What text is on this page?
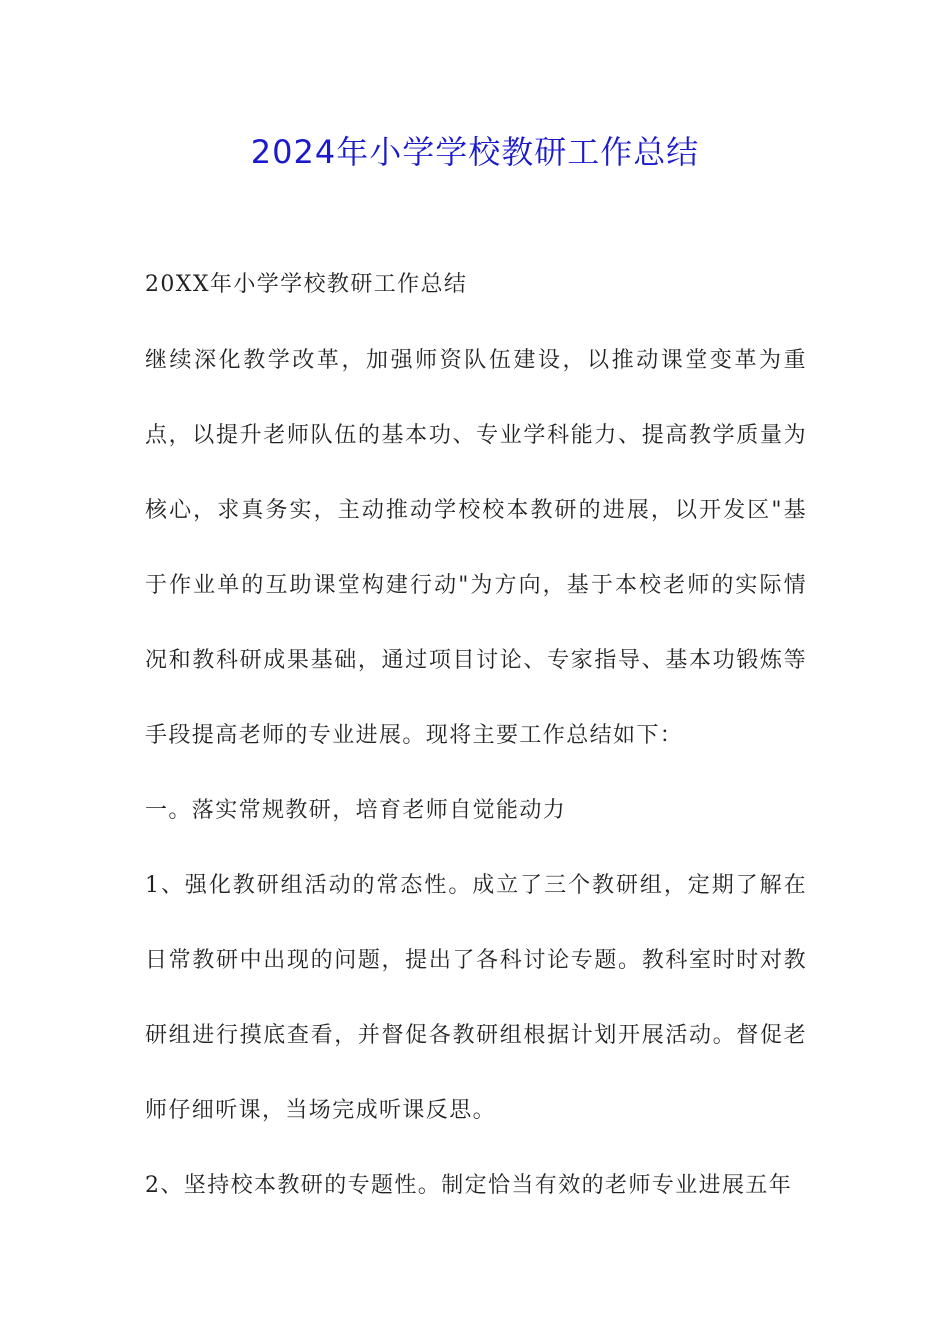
2024年小学学校教研工作总结

20XX年小学学校教研工作总结

继续深化教学改革，加强师资队伍建设，以推动课堂变革为重点，以提升老师队伍的基本功、专业学科能力、提高教学质量为核心，求真务实，主动推动学校校本教研的进展，以开发区"基于作业单的互助课堂构建行动"为方向，基于本校老师的实际情况和教科研成果基础，通过项目讨论、专家指导、基本功锻炼等手段提高老师的专业进展。现将主要工作总结如下：

一。落实常规教研，培育老师自觉能动力

1、强化教研组活动的常态性。成立了三个教研组，定期了解在日常教研中出现的问题，提出了各科讨论专题。教科室时时对教研组进行摸底查看，并督促各教研组根据计划开展活动。督促老师仔细听课，当场完成听课反思。

2、坚持校本教研的专题性。制定恰当有效的老师专业进展五年
